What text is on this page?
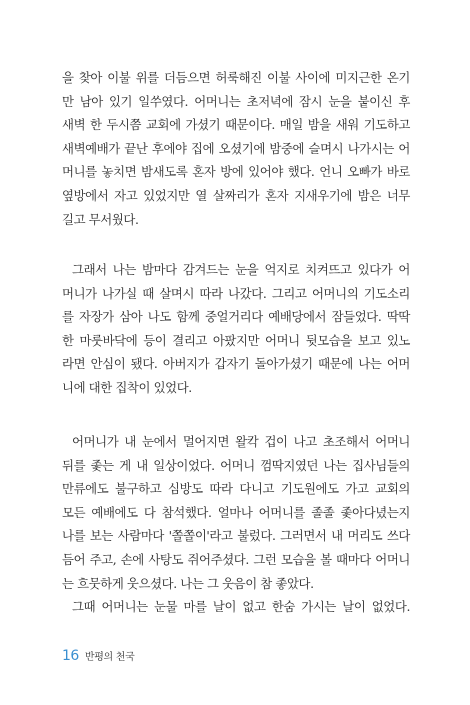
을 찾아 이불 위를 더듬으면 허룩해진 이불 사이에 미지근한 온기
만 남아 있기 일쑤였다. 어머니는 초저녁에 잠시 눈을 붙이신 후
새벽 한 두시쯤 교회에 가셨기 때문이다. 매일 밤을 새워 기도하고
새벽예배가 끝난 후에야 집에 오셨기에 밤중에 슬며시 나가시는 어
머니를 놓치면 밤새도록 혼자 방에 있어야 했다. 언니 오빠가 바로
옆방에서 자고 있었지만 열 살짜리가 혼자 지새우기에 밤은 너무
길고 무서웠다.
그래서 나는 밤마다 감겨드는 눈을 억지로 치켜뜨고 있다가 어
머니가 나가실 때 살며시 따라 나갔다. 그리고 어머니의 기도소리
를 자장가 삼아 나도 함께 중얼거리다 예배당에서 잠들었다. 딱딱
한 마룻바닥에 등이 결리고 아팠지만 어머니 뒷모습을 보고 있노
라면 안심이 됐다. 아버지가 갑자기 돌아가셨기 때문에 나는 어머
니에 대한 집착이 있었다.
어머니가 내 눈에서 멀어지면 왈칵 겁이 나고 초조해서 어머니
뒤를 좇는 게 내 일상이었다. 어머니 껌딱지였던 나는 집사님들의
만류에도 불구하고 심방도 따라 다니고 기도원에도 가고 교회의
모든 예배에도 다 참석했다. 얼마나 어머니를 졸졸 좇아다녔는지
나를 보는 사람마다 '쫄쫄이'라고 불렀다. 그러면서 내 머리도 쓰다
듬어 주고, 손에 사탕도 쥐어주셨다. 그런 모습을 볼 때마다 어머니
는 흐뭇하게 웃으셨다. 나는 그 웃음이 참 좋았다.
그때 어머니는 눈물 마를 날이 없고 한숨 가시는 날이 없었다.
16 반평의 천국
